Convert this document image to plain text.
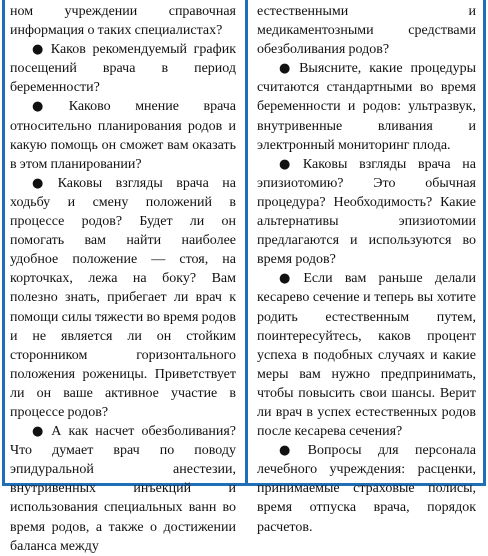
ном учреждении справочная информация о таких специалистах?

● Каков рекомендуемый график посещений врача в период беременности?

● Каково мнение врача относительно планирования родов и какую помощь он сможет вам оказать в этом планировании?

● Каковы взгляды врача на ходьбу и смену положений в процессе родов? Будет ли он помогать вам найти наиболее удобное положение — стоя, на корточках, лежа на боку? Вам полезно знать, прибегает ли врач к помощи силы тяжести во время родов и не является ли он стойким сторонником горизонтального положения роженицы. Приветствует ли он ваше активное участие в процессе родов?

● А как насчет обезболивания? Что думает врач по поводу эпидуральной анестезии, внутривенных инъекций и использования специальных ванн во время родов, а также о достижении баланса между

естественными и медикаментозными средствами обезболивания родов?

● Выясните, какие процедуры считаются стандартными во время беременности и родов: ультразвук, внутривенные вливания и электронный мониторинг плода.

● Каковы взгляды врача на эпизиотомию? Это обычная процедура? Необходимость? Какие альтернативы эпизиотомии предлагаются и используются во время родов?

● Если вам раньше делали кесарево сечение и теперь вы хотите родить естественным путем, поинтересуйтесь, каков процент успеха в подобных случаях и какие меры вам нужно предпринимать, чтобы повысить свои шансы. Верит ли врач в успех естественных родов после кесарева сечения?

● Вопросы для персонала лечебного учреждения: расценки, принимаемые страховые полисы, время отпуска врача, порядок расчетов.
